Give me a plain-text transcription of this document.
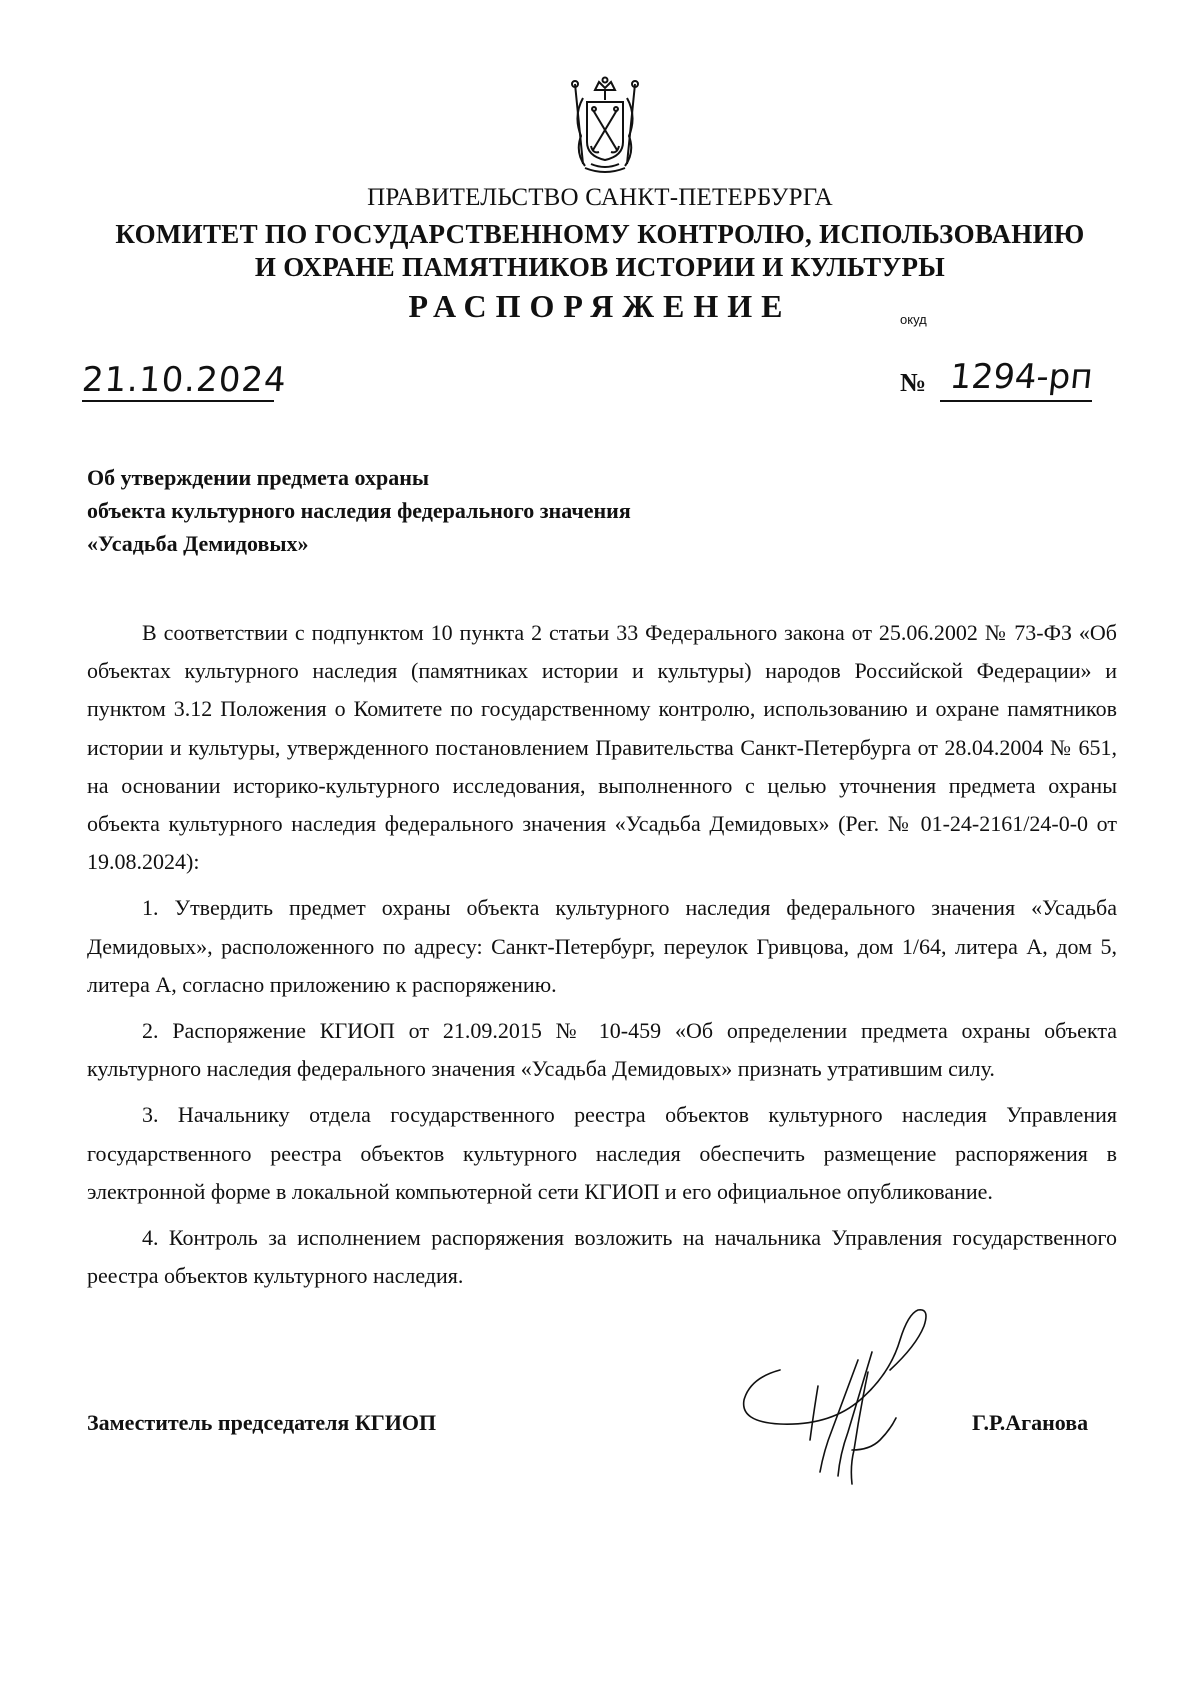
ПРАВИТЕЛЬСТВО САНКТ-ПЕТЕРБУРГА
КОМИТЕТ ПО ГОСУДАРСТВЕННОМУ КОНТРОЛЮ, ИСПОЛЬЗОВАНИЮ
И ОХРАНЕ ПАМЯТНИКОВ ИСТОРИИ И КУЛЬТУРЫ
РАСПОРЯЖЕНИЕ	окуд
21.10.2024	№ 1294-рп
Об утверждении предмета охраны
объекта культурного наследия федерального значения
«Усадьба Демидовых»

В соответствии с подпунктом 10 пункта 2 статьи 33 Федерального закона от 25.06.2002 № 73-ФЗ «Об объектах культурного наследия (памятниках истории и культуры) народов Российской Федерации» и пунктом 3.12 Положения о Комитете по государственному контролю, использованию и охране памятников истории и культуры, утвержденного постановлением Правительства Санкт-Петербурга от 28.04.2004 № 651, на основании историко-культурного исследования, выполненного с целью уточнения предмета охраны объекта культурного наследия федерального значения «Усадьба Демидовых» (Рег. № 01-24-2161/24-0-0 от 19.08.2024):

1. Утвердить предмет охраны объекта культурного наследия федерального значения «Усадьба Демидовых», расположенного по адресу: Санкт-Петербург, переулок Гривцова, дом 1/64, литера А, дом 5, литера А, согласно приложению к распоряжению.

2. Распоряжение КГИОП от 21.09.2015 № 10-459 «Об определении предмета охраны объекта культурного наследия федерального значения «Усадьба Демидовых» признать утратившим силу.

3. Начальнику отдела государственного реестра объектов культурного наследия Управления государственного реестра объектов культурного наследия обеспечить размещение распоряжения в электронной форме в локальной компьютерной сети КГИОП и его официальное опубликование.

4. Контроль за исполнением распоряжения возложить на начальника Управления государственного реестра объектов культурного наследия.

Заместитель председателя КГИОП	Г.Р.Аганова
